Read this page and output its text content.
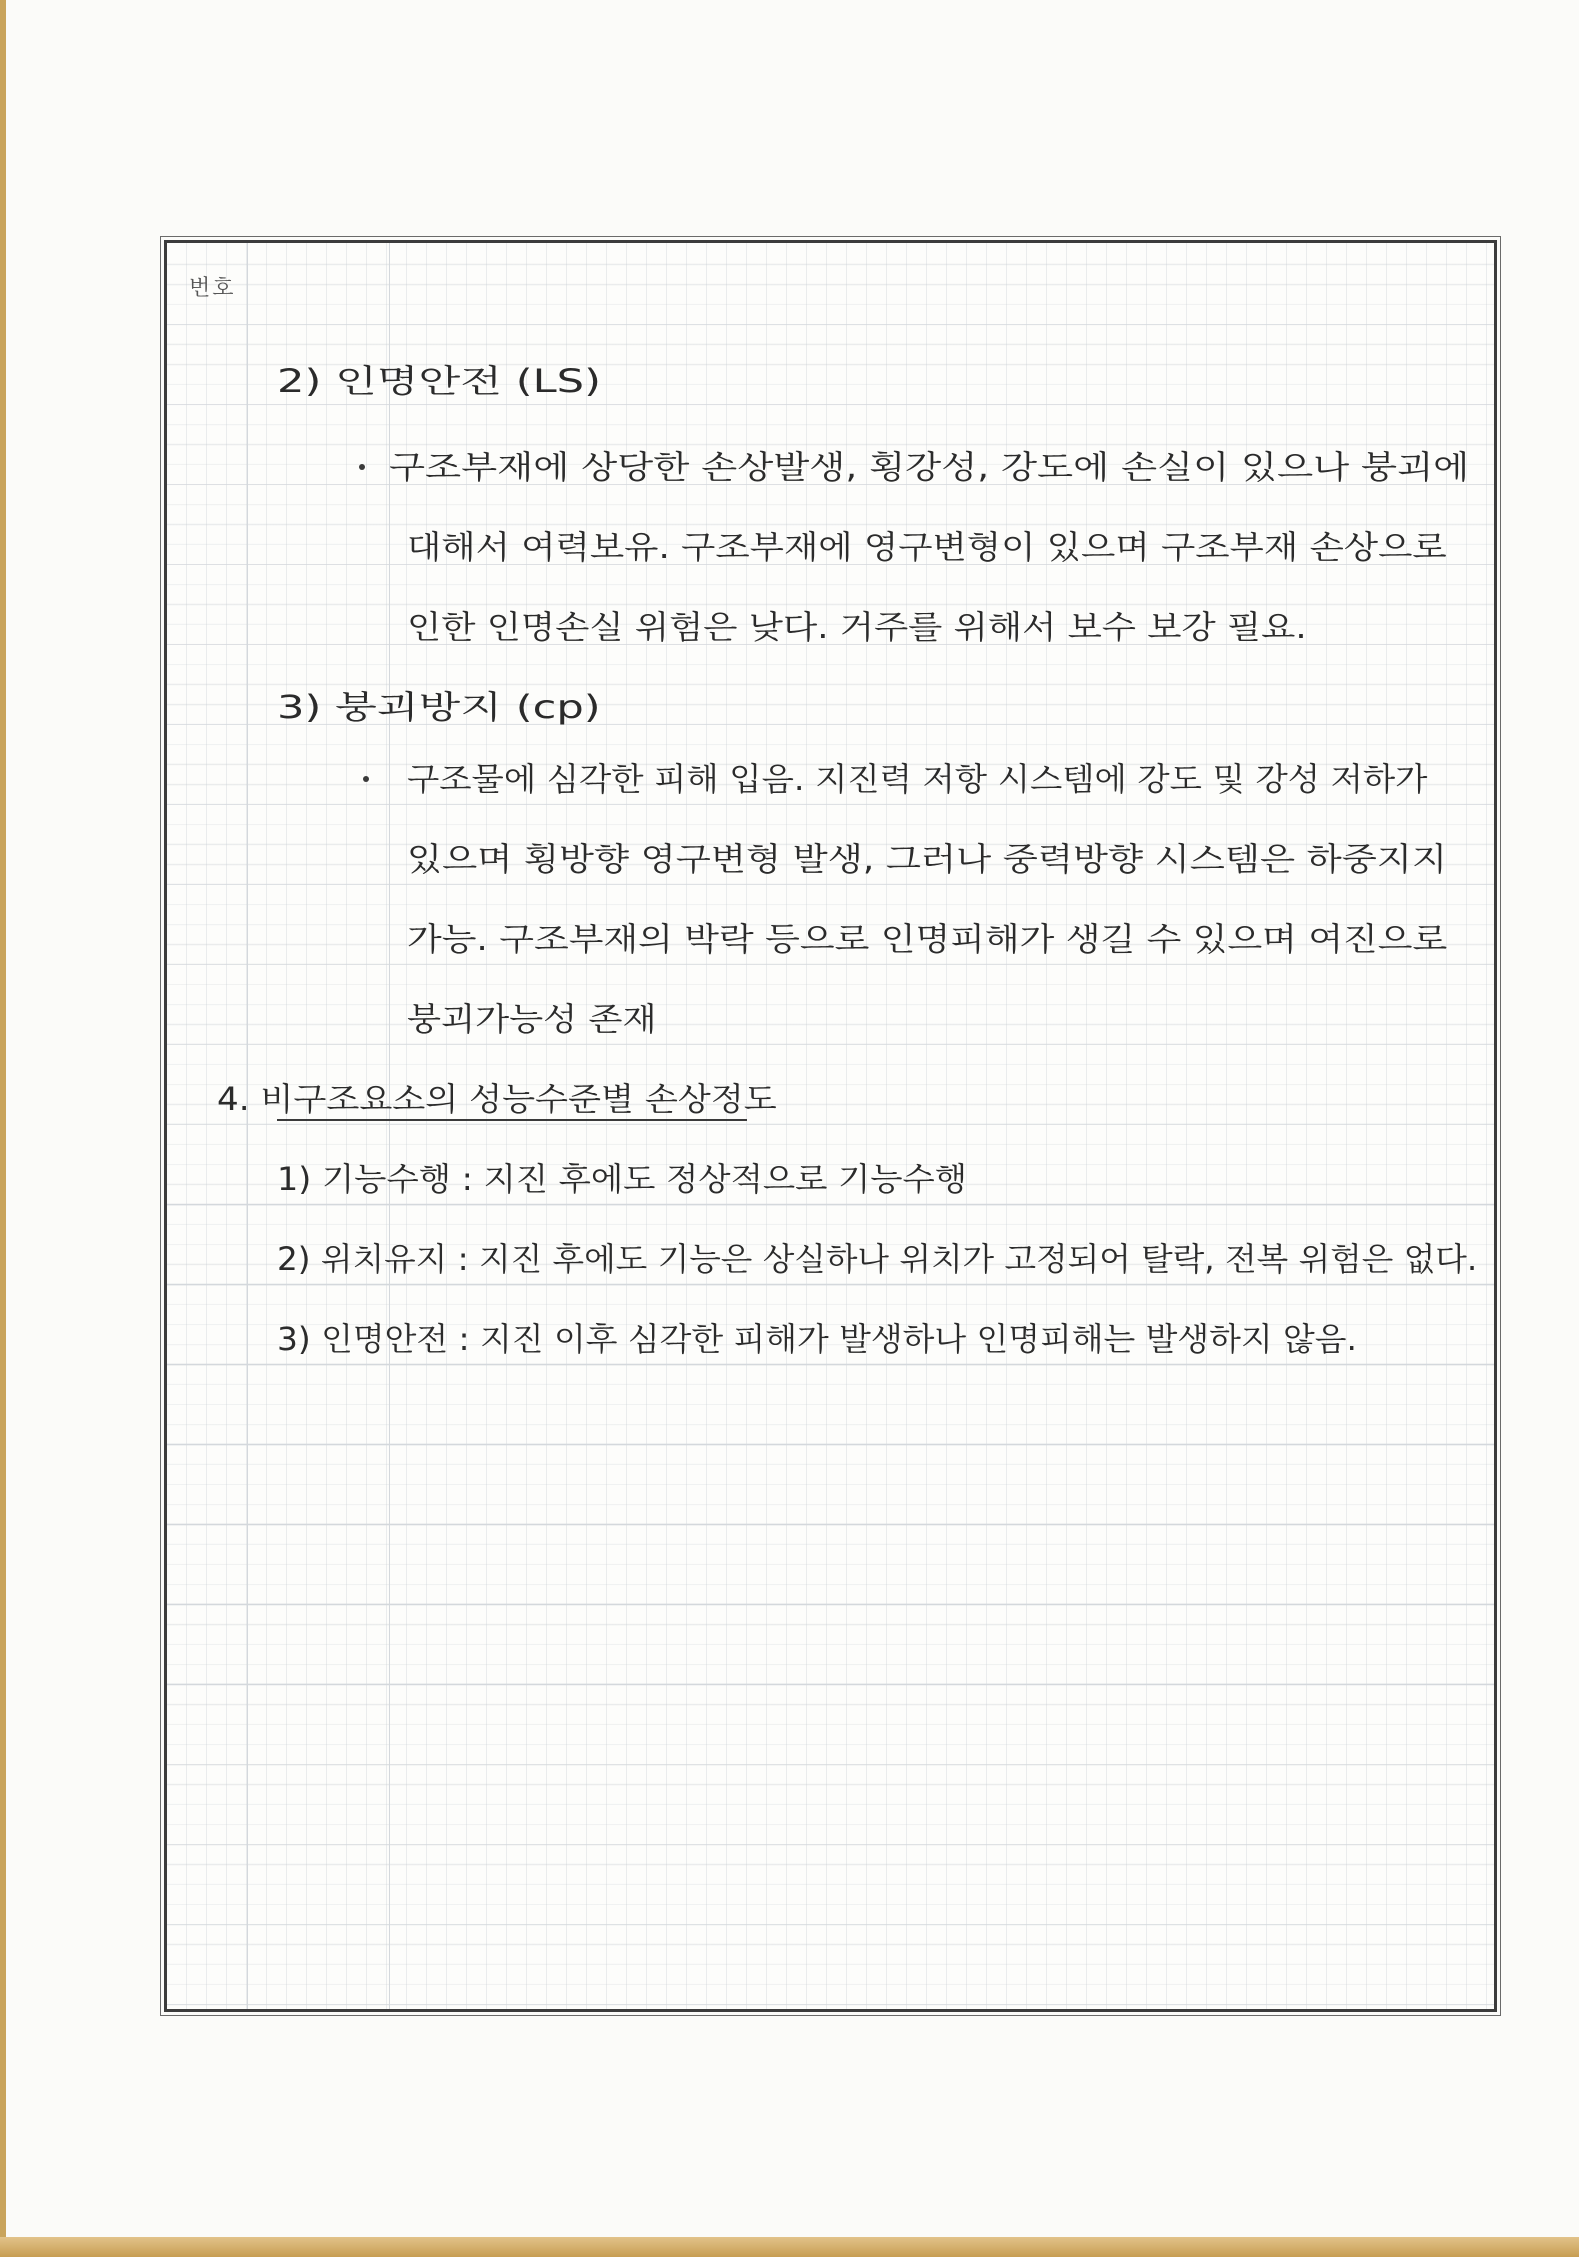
번호
2) 인명안전 (LS)
구조부재에 상당한 손상발생, 횡강성, 강도에 손실이 있으나 붕괴에
대해서 여력보유. 구조부재에 영구변형이 있으며 구조부재 손상으로
인한 인명손실 위험은 낮다. 거주를 위해서 보수 보강 필요.
3) 붕괴방지 (cp)
구조물에 심각한 피해 입음. 지진력 저항 시스템에 강도 및 강성 저하가
있으며 횡방향 영구변형 발생, 그러나 중력방향 시스템은 하중지지
가능. 구조부재의 박락 등으로 인명피해가 생길 수 있으며 여진으로
붕괴가능성 존재
4. 비구조요소의 성능수준별 손상정도
1) 기능수행 : 지진 후에도 정상적으로 기능수행
2) 위치유지 : 지진 후에도 기능은 상실하나 위치가 고정되어 탈락, 전복 위험은 없다.
3) 인명안전 : 지진 이후 심각한 피해가 발생하나 인명피해는 발생하지 않음.
